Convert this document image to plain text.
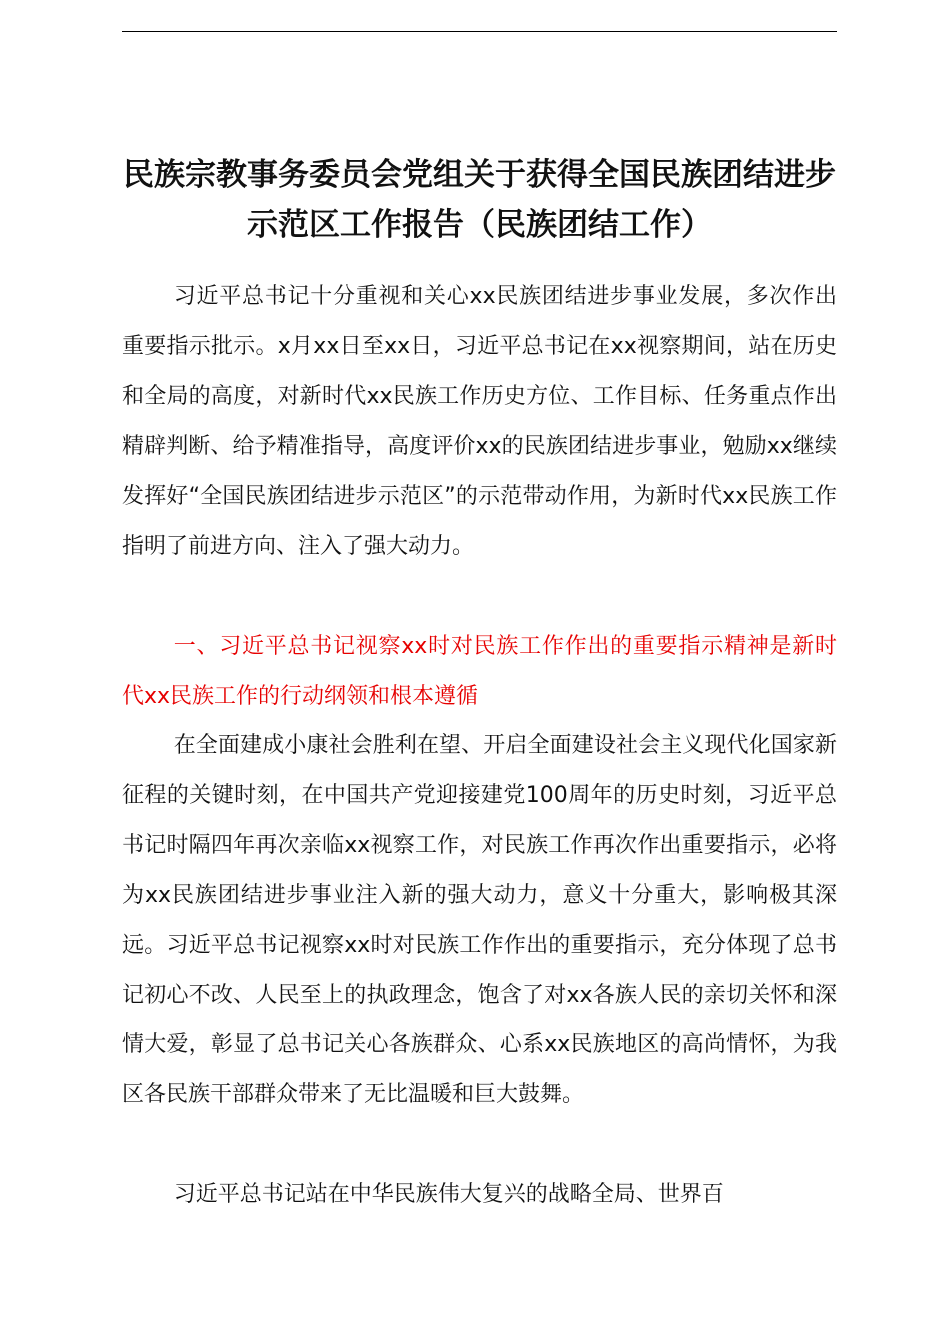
民族宗教事务委员会党组关于获得全国民族团结进步示范区工作报告（民族团结工作）

习近平总书记十分重视和关心xx民族团结进步事业发展，多次作出重要指示批示。x月xx日至xx日，习近平总书记在xx视察期间，站在历史和全局的高度，对新时代xx民族工作历史方位、工作目标、任务重点作出精辟判断、给予精准指导，高度评价xx的民族团结进步事业，勉励xx继续发挥好“全国民族团结进步示范区”的示范带动作用，为新时代xx民族工作指明了前进方向、注入了强大动力。

一、习近平总书记视察xx时对民族工作作出的重要指示精神是新时代xx民族工作的行动纲领和根本遵循

在全面建成小康社会胜利在望、开启全面建设社会主义现代化国家新征程的关键时刻，在中国共产党迎接建党100周年的历史时刻，习近平总书记时隔四年再次亲临xx视察工作，对民族工作再次作出重要指示，必将为xx民族团结进步事业注入新的强大动力，意义十分重大，影响极其深远。习近平总书记视察xx时对民族工作作出的重要指示，充分体现了总书记初心不改、人民至上的执政理念，饱含了对xx各族人民的亲切关怀和深情大爱，彰显了总书记关心各族群众、心系xx民族地区的高尚情怀，为我区各民族干部群众带来了无比温暖和巨大鼓舞。

习近平总书记站在中华民族伟大复兴的战略全局、世界百
